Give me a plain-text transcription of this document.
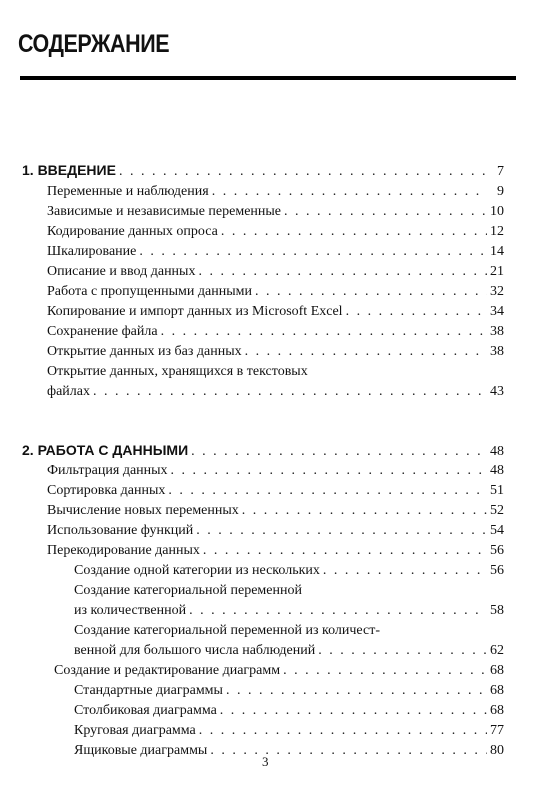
СОДЕРЖАНИЕ
1. ВВЕДЕНИЕ . . .	7
Переменные и наблюдения . . .	9
Зависимые и независимые переменные . . .	10
Кодирование данных опроса . . .	12
Шкалирование . . .	14
Описание и ввод данных . . .	21
Работа с пропущенными данными . . .	32
Копирование и импорт данных из Microsoft Excel . . .	34
Сохранение файла . . .	38
Открытие данных из баз данных . . .	38
Открытие данных, хранящихся в текстовых
файлах . . .	43
2. РАБОТА С ДАННЫМИ . . .	48
Фильтрация данных . . .	48
Сортировка данных . . .	51
Вычисление новых переменных . . .	52
Использование функций . . .	54
Перекодирование данных . . .	56
Создание одной категории из нескольких . . .	56
Создание категориальной переменной
из количественной . . .	58
Создание категориальной переменной из количест-
венной для большого числа наблюдений . . .	62
Создание и редактирование диаграмм . . .	68
Стандартные диаграммы . . .	68
Столбиковая диаграмма . . .	68
Круговая диаграмма . . .	77
Ящиковые диаграммы . . .	80
3
